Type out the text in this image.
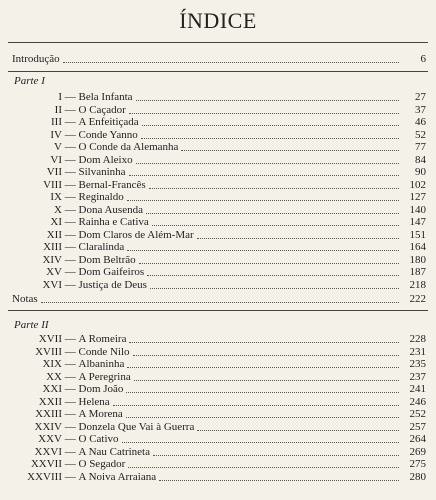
ÍNDICE
Introdução	6
Parte I
I — Bela Infanta	27
II — O Caçador	37
III — A Enfeitiçada	46
IV — Conde Yanno	52
V — O Conde da Alemanha	77
VI — Dom Aleixo	84
VII — Silvaninha	90
VIII — Bernal-Francês	102
IX — Reginaldo	127
X — Dona Ausenda	140
XI — Rainha e Cativa	147
XII — Dom Claros de Além-Mar	151
XIII — Claralinda	164
XIV — Dom Beltrão	180
XV — Dom Gaifeiros	187
XVI — Justiça de Deus	218
Notas	222
Parte II
XVII — A Romeira	228
XVIII — Conde Nilo	231
XIX — Albaninha	235
XX — A Peregrina	237
XXI — Dom João	241
XXII — Helena	246
XXIII — A Morena	252
XXIV — Donzela Que Vai à Guerra	257
XXV — O Cativo	264
XXVI — A Nau Catrineta	269
XXVII — O Segador	275
XXVIII — A Noiva Arraiana	280
